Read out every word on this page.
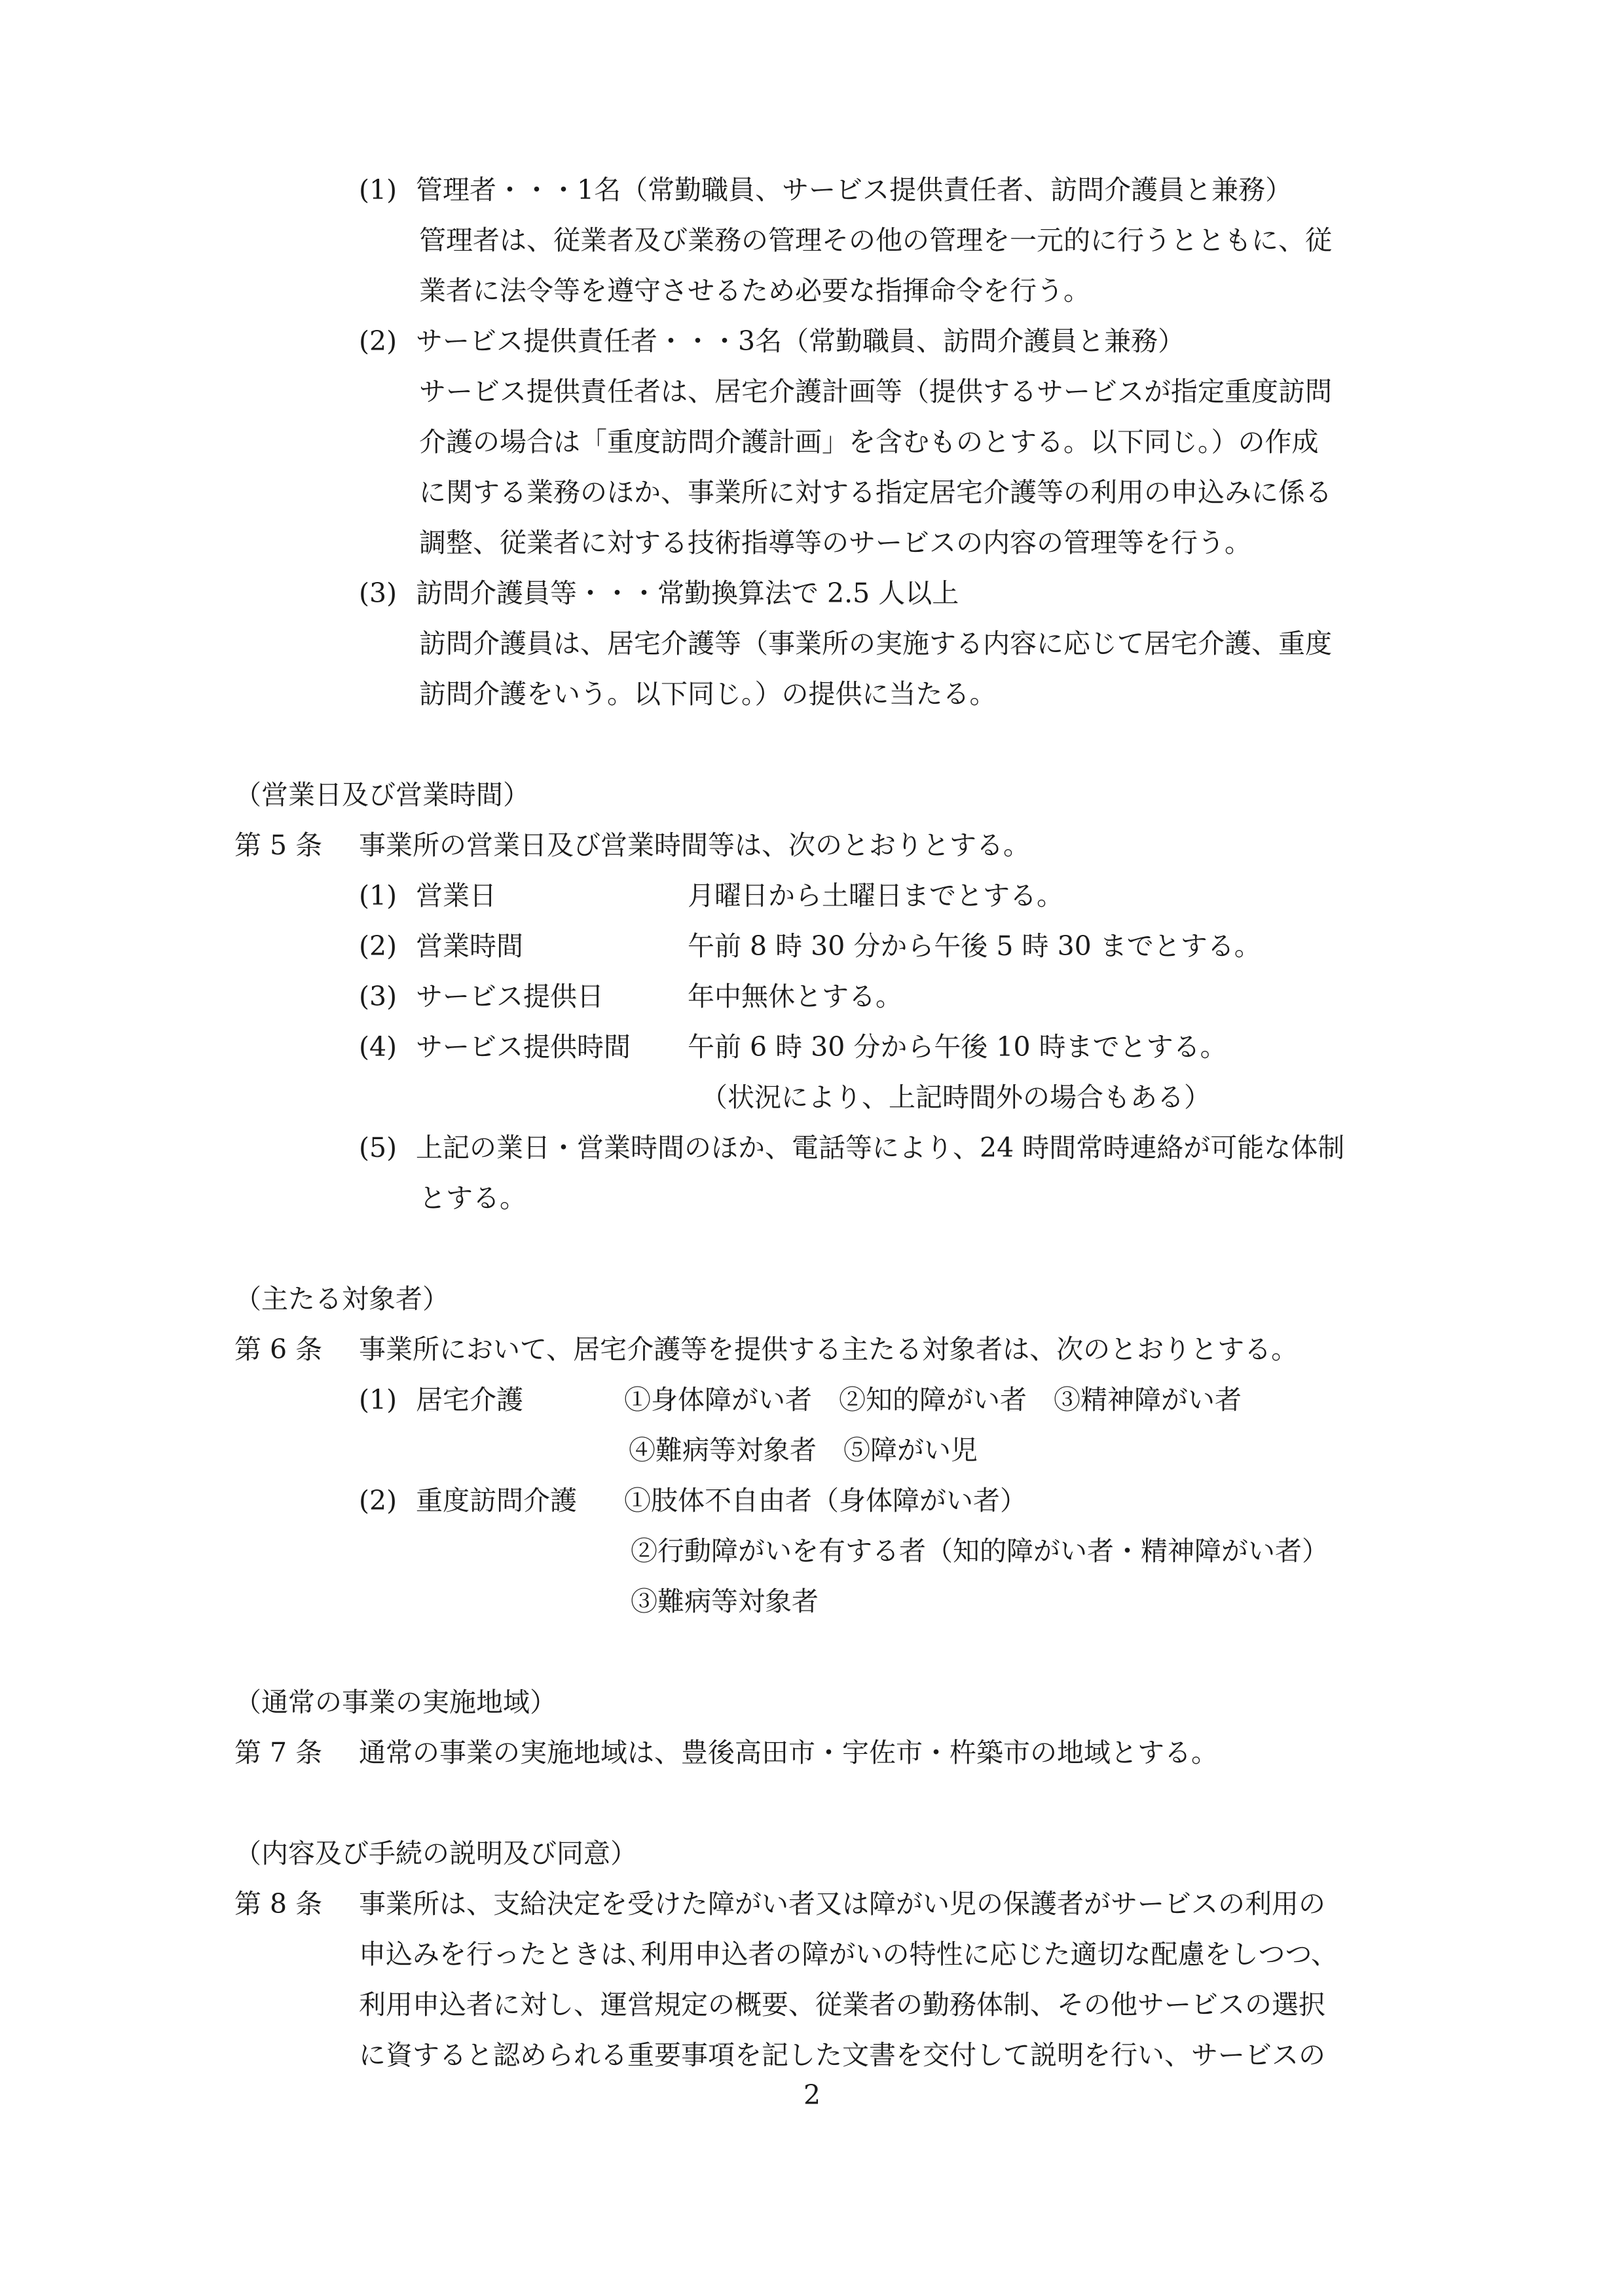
(1) 管理者・・・1名（常勤職員、サービス提供責任者、訪問介護員と兼務）
管理者は、従業者及び業務の管理その他の管理を一元的に行うとともに、従
業者に法令等を遵守させるため必要な指揮命令を行う。
(2) サービス提供責任者・・・3名（常勤職員、訪問介護員と兼務）
サービス提供責任者は、居宅介護計画等（提供するサービスが指定重度訪問
介護の場合は「重度訪問介護計画」を含むものとする。以下同じ。）の作成
に関する業務のほか、事業所に対する指定居宅介護等の利用の申込みに係る
調整、従業者に対する技術指導等のサービスの内容の管理等を行う。
(3) 訪問介護員等・・・常勤換算法で 2.5 人以上
訪問介護員は、居宅介護等（事業所の実施する内容に応じて居宅介護、重度
訪問介護をいう。以下同じ。）の提供に当たる。
（営業日及び営業時間）
第 5 条 事業所の営業日及び営業時間等は、次のとおりとする。
(1) 営業日	月曜日から土曜日までとする。
(2) 営業時間	午前 8 時 30 分から午後 5 時 30 までとする。
(3) サービス提供日	年中無休とする。
(4) サービス提供時間 午前 6 時 30 分から午後 10 時までとする。
（状況により、上記時間外の場合もある）
(5) 上記の業日・営業時間のほか、電話等により、24 時間常時連絡が可能な体制
とする。
（主たる対象者）
第 6 条 事業所において、居宅介護等を提供する主たる対象者は、次のとおりとする。
(1) 居宅介護	①身体障がい者　②知的障がい者　③精神障がい者
④難病等対象者　⑤障がい児
(2) 重度訪問介護 ①肢体不自由者（身体障がい者）
②行動障がいを有する者（知的障がい者・精神障がい者）
③難病等対象者
（通常の事業の実施地域）
第 7 条 通常の事業の実施地域は、豊後高田市・宇佐市・杵築市の地域とする。
（内容及び手続の説明及び同意）
第 8 条 事業所は、支給決定を受けた障がい者又は障がい児の保護者がサービスの利用の
申込みを行ったときは､利用申込者の障がいの特性に応じた適切な配慮をしつつ、
利用申込者に対し、運営規定の概要、従業者の勤務体制、その他サービスの選択
に資すると認められる重要事項を記した文書を交付して説明を行い、サービスの
2
